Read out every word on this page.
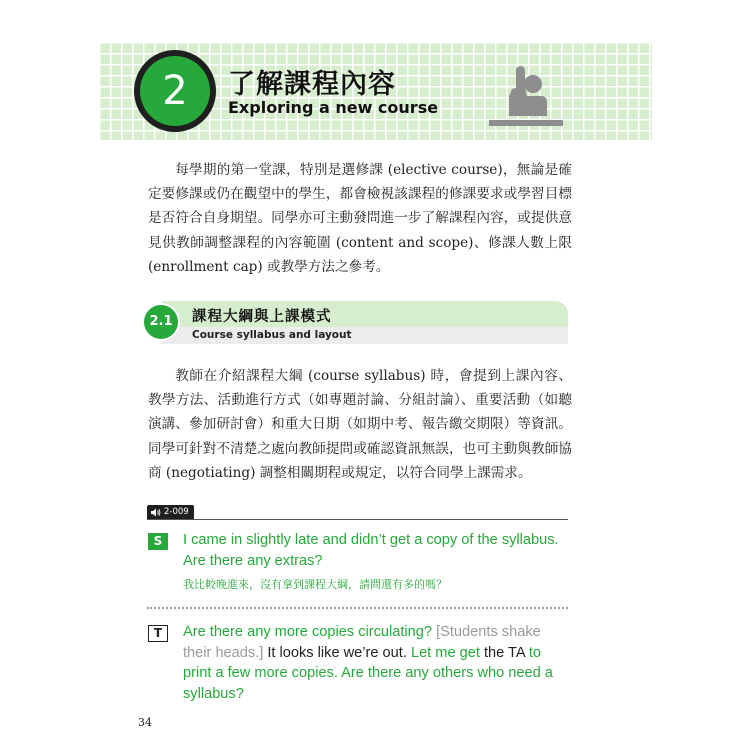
2	了解課程內容
Exploring a new course

每學期的第一堂課，特別是選修課 (elective course)，無論是確定要修課或仍在觀望中的學生，都會檢視該課程的修課要求或學習目標是否符合自身期望。同學亦可主動發問進一步了解課程內容，或提供意見供教師調整課程的內容範圍 (content and scope)、修課人數上限 (enrollment cap) 或教學方法之參考。

2.1	課程大綱與上課模式
Course syllabus and layout

教師在介紹課程大綱 (course syllabus) 時，會提到上課內容、教學方法、活動進行方式（如專題討論、分組討論）、重要活動（如聽演講、參加研討會）和重大日期（如期中考、報告繳交期限）等資訊。同學可針對不清楚之處向教師提問或確認資訊無誤，也可主動與教師協商 (negotiating) 調整相關期程或規定，以符合同學上課需求。

2-009
S	I came in slightly late and didn’t get a copy of the syllabus. Are there any extras?
我比較晚進來，沒有拿到課程大綱，請問還有多的嗎？
T	Are there any more copies circulating? [Students shake their heads.] It looks like we’re out. Let me get the TA to print a few more copies. Are there any others who need a syllabus?
34
